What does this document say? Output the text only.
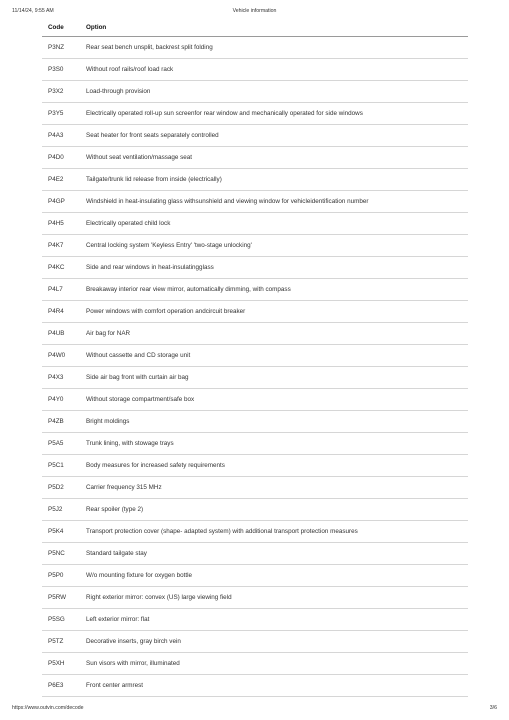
11/14/24, 9:55 AM	Vehicle information
Code	Option
P3NZ	Rear seat bench unsplit, backrest split folding
P3S0	Without roof rails/roof load rack
P3X2	Load-through provision
P3Y5	Electrically operated roll-up sun screenfor rear window and mechanically operated for side windows
P4A3	Seat heater for front seats separately controlled
P4D0	Without seat ventilation/massage seat
P4E2	Tailgate/trunk lid release from inside (electrically)
P4GP	Windshield in heat-insulating glass withsunshield and viewing window for vehicleidentification number
P4H5	Electrically operated child lock
P4K7	Central locking system 'Keyless Entry' 'two-stage unlocking'
P4KC	Side and rear windows in heat-insulatingglass
P4L7	Breakaway interior rear view mirror, automatically dimming, with compass
P4R4	Power windows with comfort operation andcircuit breaker
P4UB	Air bag for NAR
P4W0	Without cassette and CD storage unit
P4X3	Side air bag front with curtain air bag
P4Y0	Without storage compartment/safe box
P4ZB	Bright moldings
P5A5	Trunk lining, with stowage trays
P5C1	Body measures for increased safety requirements
P5D2	Carrier frequency 315 MHz
P5J2	Rear spoiler (type 2)
P5K4	Transport protection cover (shape- adapted system) with additional transport protection measures
P5NC	Standard tailgate stay
P5P0	W/o mounting fixture for oxygen bottle
P5RW	Right exterior mirror: convex (US) large viewing field
P5SG	Left exterior mirror: flat
P5TZ	Decorative inserts, gray birch vein
P5XH	Sun visors with mirror, illuminated
P6E3	Front center armrest
https://www.outvin.com/decode	3/6
